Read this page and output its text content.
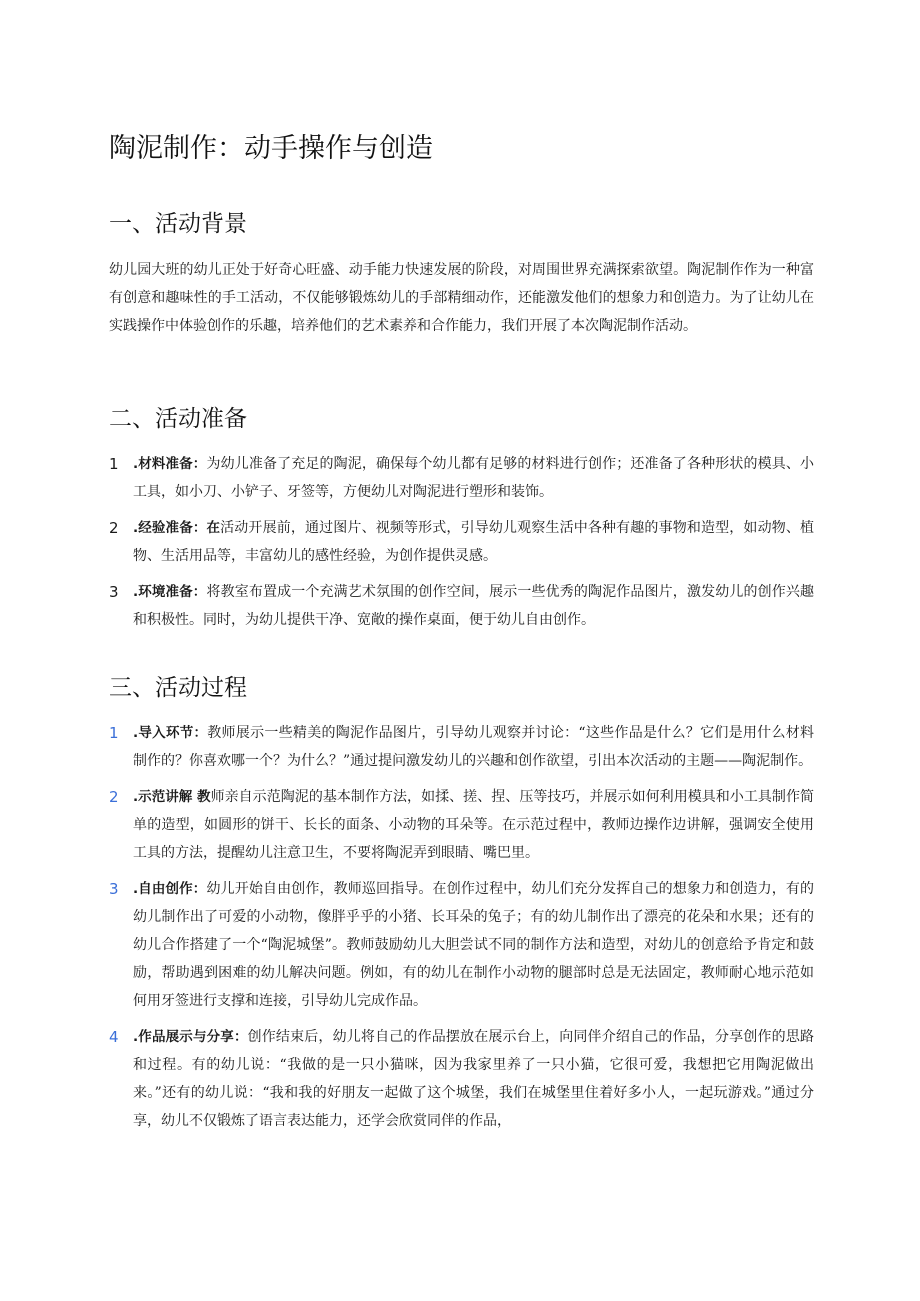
陶泥制作：动手操作与创造
一、活动背景

幼儿园大班的幼儿正处于好奇心旺盛、动手能力快速发展的阶段，对周围世界充满探索欲望。陶泥制作作为一种富有创意和趣味性的手工活动，不仅能够锻炼幼儿的手部精细动作，还能激发他们的想象力和创造力。为了让幼儿在实践操作中体验创作的乐趣，培养他们的艺术素养和合作能力，我们开展了本次陶泥制作活动。

二、活动准备
1	.材料准备：为幼儿准备了充足的陶泥，确保每个幼儿都有足够的材料进行创作；还准备了各种形状的模具、小工具，如小刀、小铲子、牙签等，方便幼儿对陶泥进行塑形和装饰。
2	.经验准备：在活动开展前，通过图片、视频等形式，引导幼儿观察生活中各种有趣的事物和造型，如动物、植物、生活用品等，丰富幼儿的感性经验，为创作提供灵感。
3	.环境准备：将教室布置成一个充满艺术氛围的创作空间，展示一些优秀的陶泥作品图片，激发幼儿的创作兴趣和积极性。同时，为幼儿提供干净、宽敞的操作桌面，便于幼儿自由创作。
三、活动过程
1	.导入环节：教师展示一些精美的陶泥作品图片，引导幼儿观察并讨论：“这些作品是什么？它们是用什么材料制作的？你喜欢哪一个？为什么？”通过提问激发幼儿的兴趣和创作欲望，引出本次活动的主题——陶泥制作。
2	.示范讲解 教师亲自示范陶泥的基本制作方法，如揉、搓、捏、压等技巧，并展示如何利用模具和小工具制作简单的造型，如圆形的饼干、长长的面条、小动物的耳朵等。在示范过程中，教师边操作边讲解，强调安全使用工具的方法，提醒幼儿注意卫生，不要将陶泥弄到眼睛、嘴巴里。
3	.自由创作：幼儿开始自由创作，教师巡回指导。在创作过程中，幼儿们充分发挥自己的想象力和创造力，有的幼儿制作出了可爱的小动物，像胖乎乎的小猪、长耳朵的兔子；有的幼儿制作出了漂亮的花朵和水果；还有的幼儿合作搭建了一个“陶泥城堡”。教师鼓励幼儿大胆尝试不同的制作方法和造型，对幼儿的创意给予肯定和鼓励，帮助遇到困难的幼儿解决问题。例如，有的幼儿在制作小动物的腿部时总是无法固定，教师耐心地示范如何用牙签进行支撑和连接，引导幼儿完成作品。
4	.作品展示与分享：创作结束后，幼儿将自己的作品摆放在展示台上，向同伴介绍自己的作品，分享创作的思路和过程。有的幼儿说：“我做的是一只小猫咪，因为我家里养了一只小猫，它很可爱，我想把它用陶泥做出来。”还有的幼儿说：“我和我的好朋友一起做了这个城堡，我们在城堡里住着好多小人，一起玩游戏。”通过分享，幼儿不仅锻炼了语言表达能力，还学会欣赏同伴的作品，
